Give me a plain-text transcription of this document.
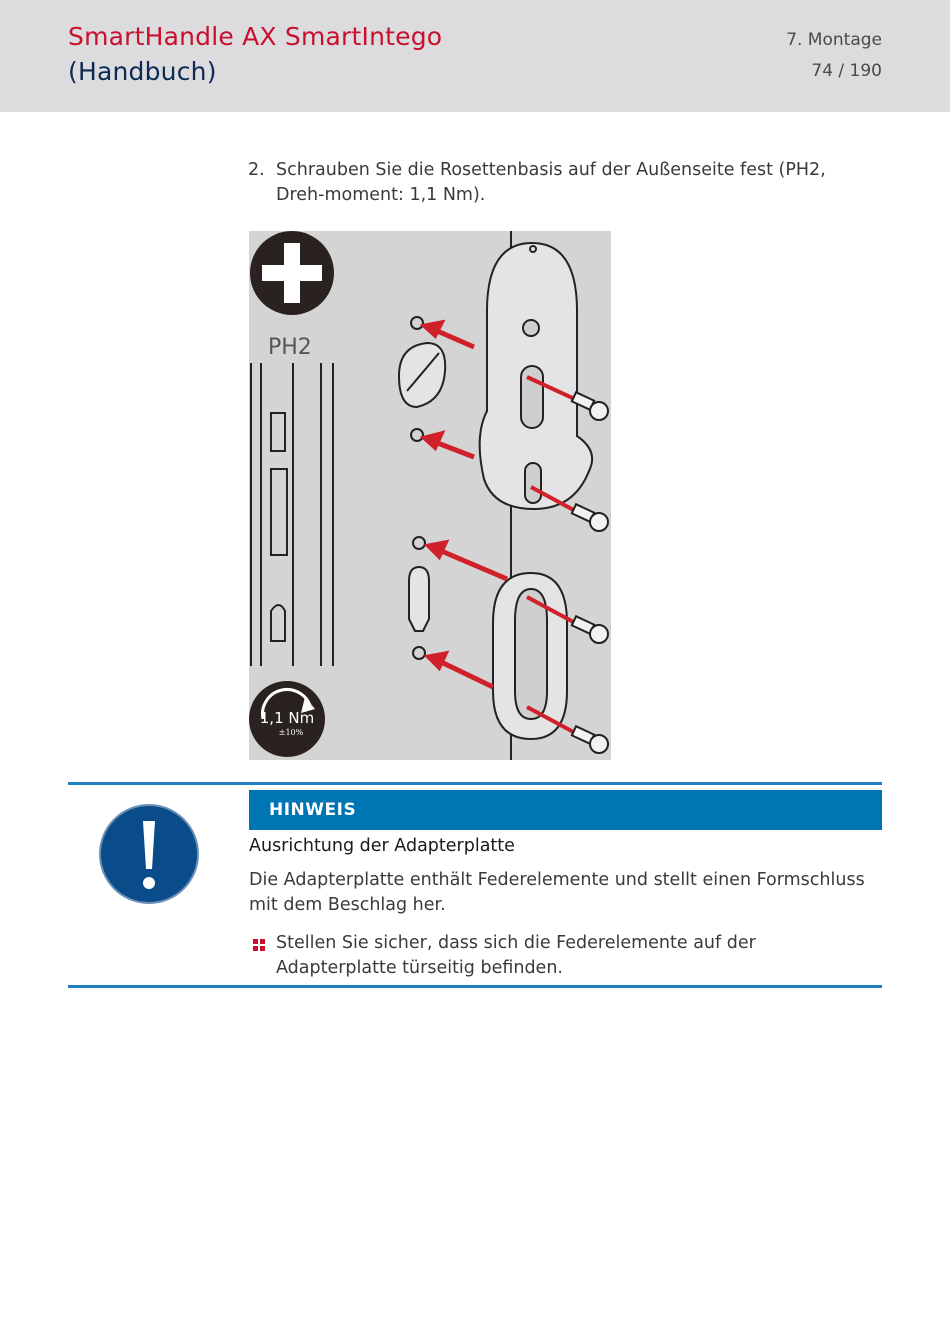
SmartHandle AX SmartIntego
(Handbuch)
7. Montage
74 / 190
2. Schrauben Sie die Rosettenbasis auf der Außenseite fest (PH2, Dreh-moment: 1,1 Nm).
PH2
1,1 Nm
±10%
HINWEIS
Ausrichtung der Adapterplatte
Die Adapterplatte enthält Federelemente und stellt einen Formschluss mit dem Beschlag her.
Stellen Sie sicher, dass sich die Federelemente auf der Adapterplatte türseitig befinden.
